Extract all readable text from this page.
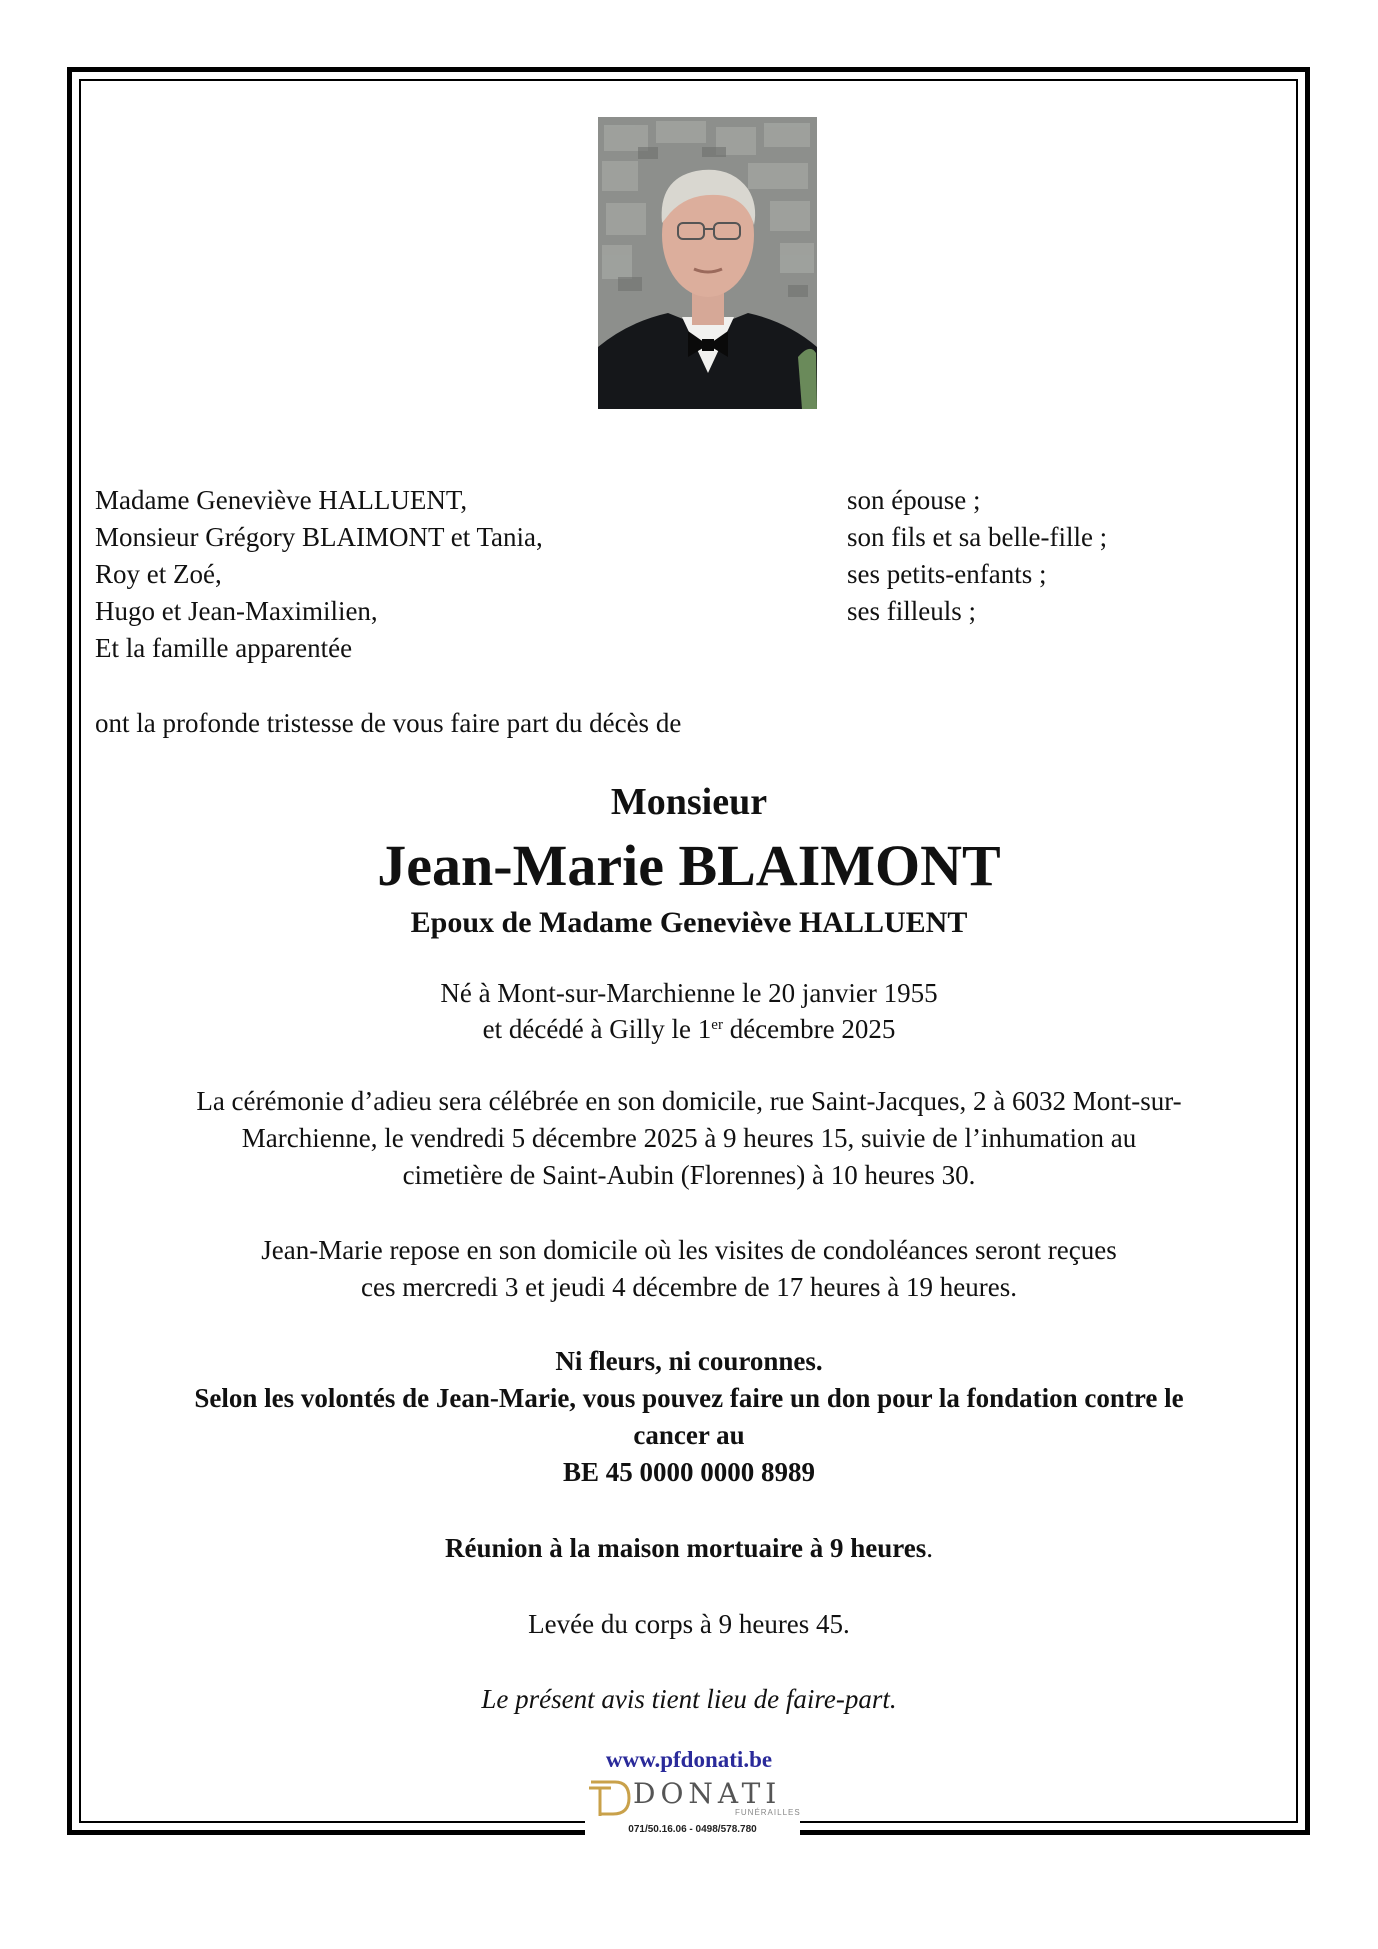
Madame Geneviève HALLUENT,	son épouse ;
Monsieur Grégory BLAIMONT et Tania,	son fils et sa belle-fille ;
Roy et Zoé,	ses petits-enfants ;
Hugo et Jean-Maximilien,	ses filleuls ;
Et la famille apparentée
ont la profonde tristesse de vous faire part du décès de
Monsieur
Jean-Marie BLAIMONT
Epoux de Madame Geneviève HALLUENT
Né à Mont-sur-Marchienne le 20 janvier 1955
et décédé à Gilly le 1er décembre 2025
La cérémonie d’adieu sera célébrée en son domicile, rue Saint-Jacques, 2 à 6032 Mont-sur-
Marchienne, le vendredi 5 décembre 2025 à 9 heures 15, suivie de l’inhumation au
cimetière de Saint-Aubin (Florennes) à 10 heures 30.
Jean-Marie repose en son domicile où les visites de condoléances seront reçues
ces mercredi 3 et jeudi 4 décembre de 17 heures à 19 heures.
Ni fleurs, ni couronnes.
Selon les volontés de Jean-Marie, vous pouvez faire un don pour la fondation contre le
cancer au
BE 45 0000 0000 8989
Réunion à la maison mortuaire à 9 heures.
Levée du corps à 9 heures 45.
Le présent avis tient lieu de faire-part.
www.pfdonati.be
DONATI
FUNÉRAILLES
071/50.16.06 - 0498/578.780
